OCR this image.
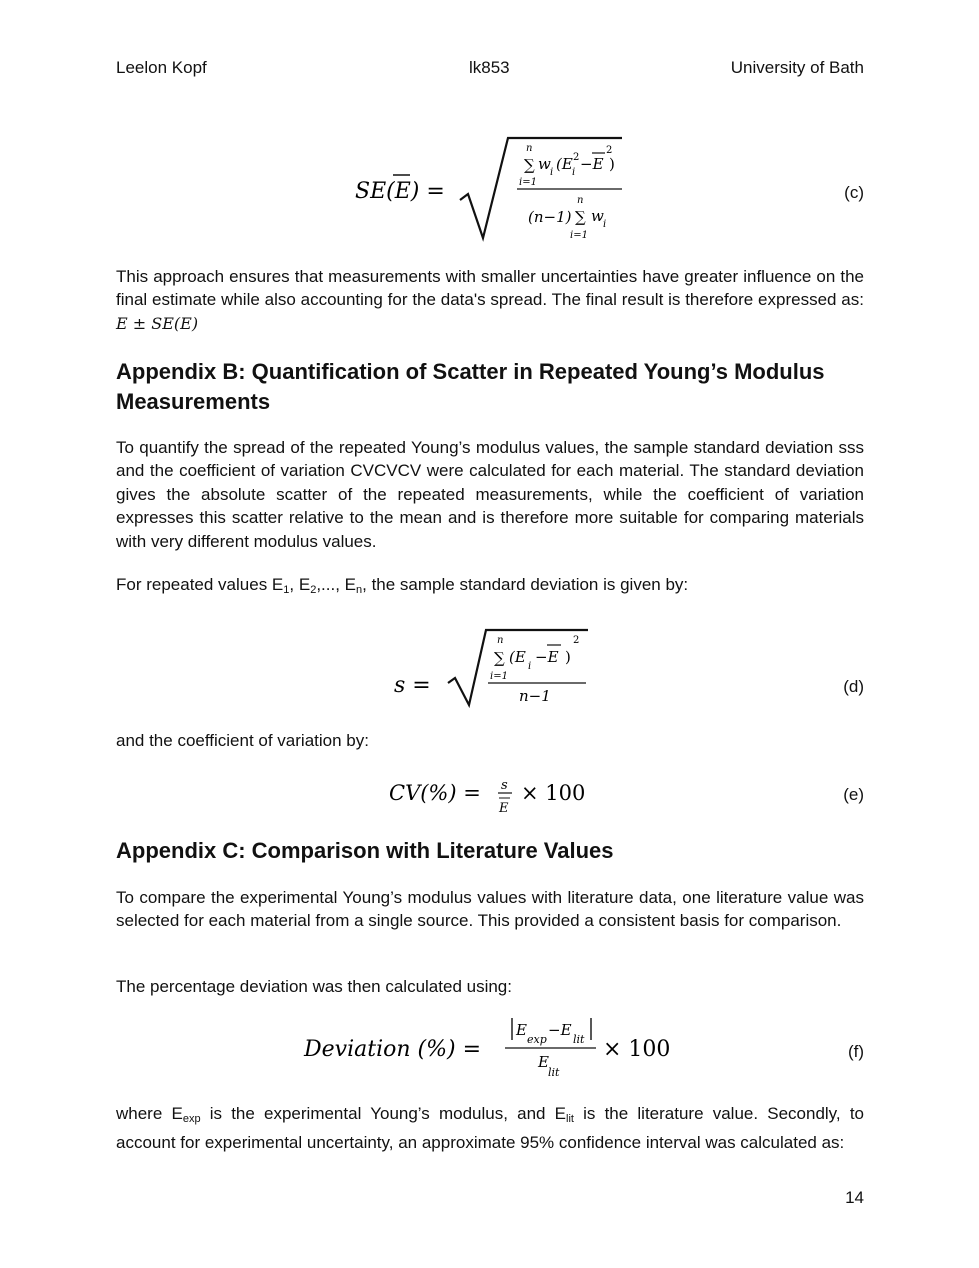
Leelon Kopf	lk853	University of Bath
SE(E) =
n
∑
i=1
w i (E 2
i −E
2
)
n
(n−1) ∑
i=1
w i
(c)
This approach ensures that measurements with smaller uncertainties have greater influence on the final estimate while also accounting for the data's spread. The final result is therefore expressed as: E ± SE(E)
Appendix B: Quantification of Scatter in Repeated Young’s Modulus Measurements
To quantify the spread of the repeated Young’s modulus values, the sample standard deviation sss and the coefficient of variation CVCVCV were calculated for each material. The standard deviation gives the absolute scatter of the repeated measurements, while the coefficient of variation expresses this scatter relative to the mean and is therefore more suitable for comparing materials with very different modulus values.
For repeated values $E_1$, $E_2$,..., $E_n$, the sample standard deviation is given by:
s =
n
∑
i=1
(E
i
−E )
2
n−1	(d)
and the coefficient of variation by:
CV(%) = s
E
× 100	(e)
Appendix C: Comparison with Literature Values
To compare the experimental Young’s modulus values with literature data, one literature value was selected for each material from a single source. This provided a consistent basis for comparison.
The percentage deviation was then calculated using:
Deviation (%) =
E
exp
−E
lit
E
lit
× 100	(f)
where $E_{exp}$ is the experimental Young’s modulus, and $E_{lit}$ is the literature value. Secondly, to account for experimental uncertainty, an approximate 95% confidence interval was calculated as:
14
